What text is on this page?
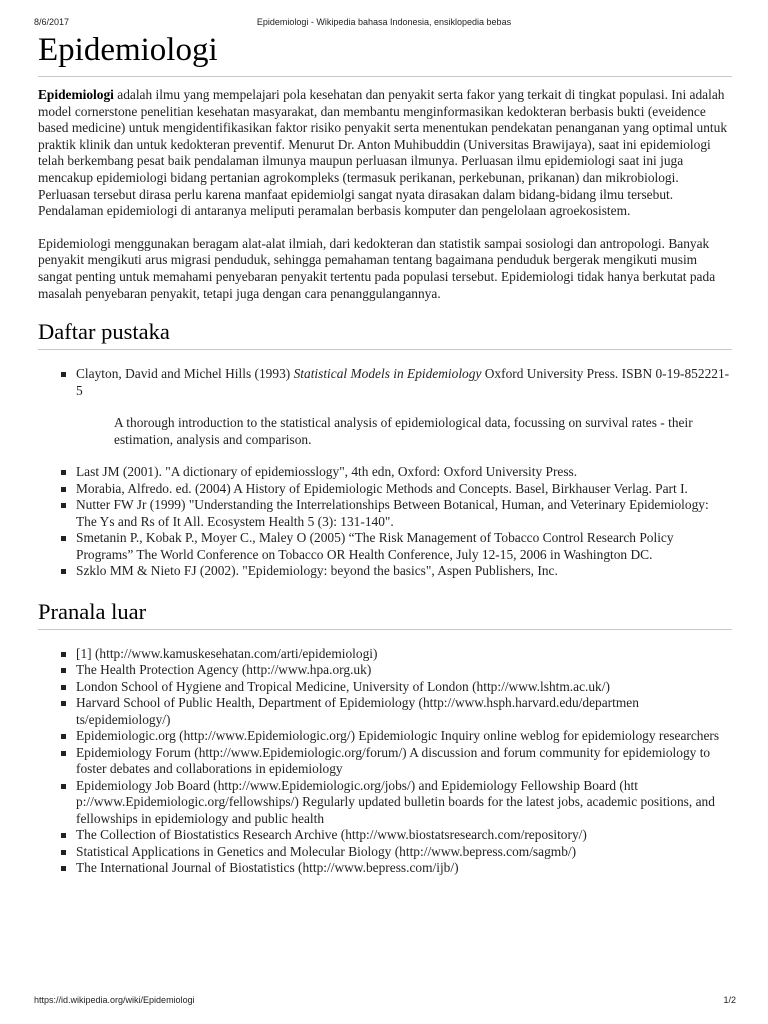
8/6/2017	Epidemiologi - Wikipedia bahasa Indonesia, ensiklopedia bebas
Epidemiologi

Epidemiologi adalah ilmu yang mempelajari pola kesehatan dan penyakit serta fakor yang terkait di tingkat populasi. Ini adalah model cornerstone penelitian kesehatan masyarakat, dan membantu menginformasikan kedokteran berbasis bukti (eveidence based medicine) untuk mengidentifikasikan faktor risiko penyakit serta menentukan pendekatan penanganan yang optimal untuk praktik klinik dan untuk kedokteran preventif. Menurut Dr. Anton Muhibuddin (Universitas Brawijaya), saat ini epidemiologi telah berkembang pesat baik pendalaman ilmunya maupun perluasan ilmunya. Perluasan ilmu epidemiologi saat ini juga mencakup epidemiologi bidang pertanian agrokompleks (termasuk perikanan, perkebunan, prikanan) dan mikrobiologi. Perluasan tersebut dirasa perlu karena manfaat epidemiolgi sangat nyata dirasakan dalam bidang-bidang ilmu tersebut. Pendalaman epidemiologi di antaranya meliputi peramalan berbasis komputer dan pengelolaan agroekosistem.

Epidemiologi menggunakan beragam alat-alat ilmiah, dari kedokteran dan statistik sampai sosiologi dan antropologi. Banyak penyakit mengikuti arus migrasi penduduk, sehingga pemahaman tentang bagaimana penduduk bergerak mengikuti musim sangat penting untuk memahami penyebaran penyakit tertentu pada populasi tersebut. Epidemiologi tidak hanya berkutat pada masalah penyebaran penyakit, tetapi juga dengan cara penanggulangannya.

Daftar pustaka
Clayton, David and Michel Hills (1993) Statistical Models in Epidemiology Oxford University Press. ISBN 0-19-852221-5
A thorough introduction to the statistical analysis of epidemiological data, focussing on survival rates - their estimation, analysis and comparison.
Last JM (2001). "A dictionary of epidemiosslogy", 4th edn, Oxford: Oxford University Press.
Morabia, Alfredo. ed. (2004) A History of Epidemiologic Methods and Concepts. Basel, Birkhauser Verlag. Part I.
Nutter FW Jr (1999) "Understanding the Interrelationships Between Botanical, Human, and Veterinary Epidemiology: The Ys and Rs of It All. Ecosystem Health 5 (3): 131-140".
Smetanin P., Kobak P., Moyer C., Maley O (2005) “The Risk Management of Tobacco Control Research Policy Programs” The World Conference on Tobacco OR Health Conference, July 12-15, 2006 in Washington DC.
Szklo MM & Nieto FJ (2002). "Epidemiology: beyond the basics", Aspen Publishers, Inc.
Pranala luar
[1] (http://www.kamuskesehatan.com/arti/epidemiologi)
The Health Protection Agency (http://www.hpa.org.uk)
London School of Hygiene and Tropical Medicine, University of London (http://www.lshtm.ac.uk/)
Harvard School of Public Health, Department of Epidemiology (http://www.hsph.harvard.edu/departmen ts/epidemiology/)
Epidemiologic.org (http://www.Epidemiologic.org/) Epidemiologic Inquiry online weblog for epidemiology researchers
Epidemiology Forum (http://www.Epidemiologic.org/forum/) A discussion and forum community for epidemiology to foster debates and collaborations in epidemiology
Epidemiology Job Board (http://www.Epidemiologic.org/jobs/) and Epidemiology Fellowship Board (htt p://www.Epidemiologic.org/fellowships/) Regularly updated bulletin boards for the latest jobs, academic positions, and fellowships in epidemiology and public health
The Collection of Biostatistics Research Archive (http://www.biostatsresearch.com/repository/)
Statistical Applications in Genetics and Molecular Biology (http://www.bepress.com/sagmb/)
The International Journal of Biostatistics (http://www.bepress.com/ijb/)
https://id.wikipedia.org/wiki/Epidemiologi	1/2
